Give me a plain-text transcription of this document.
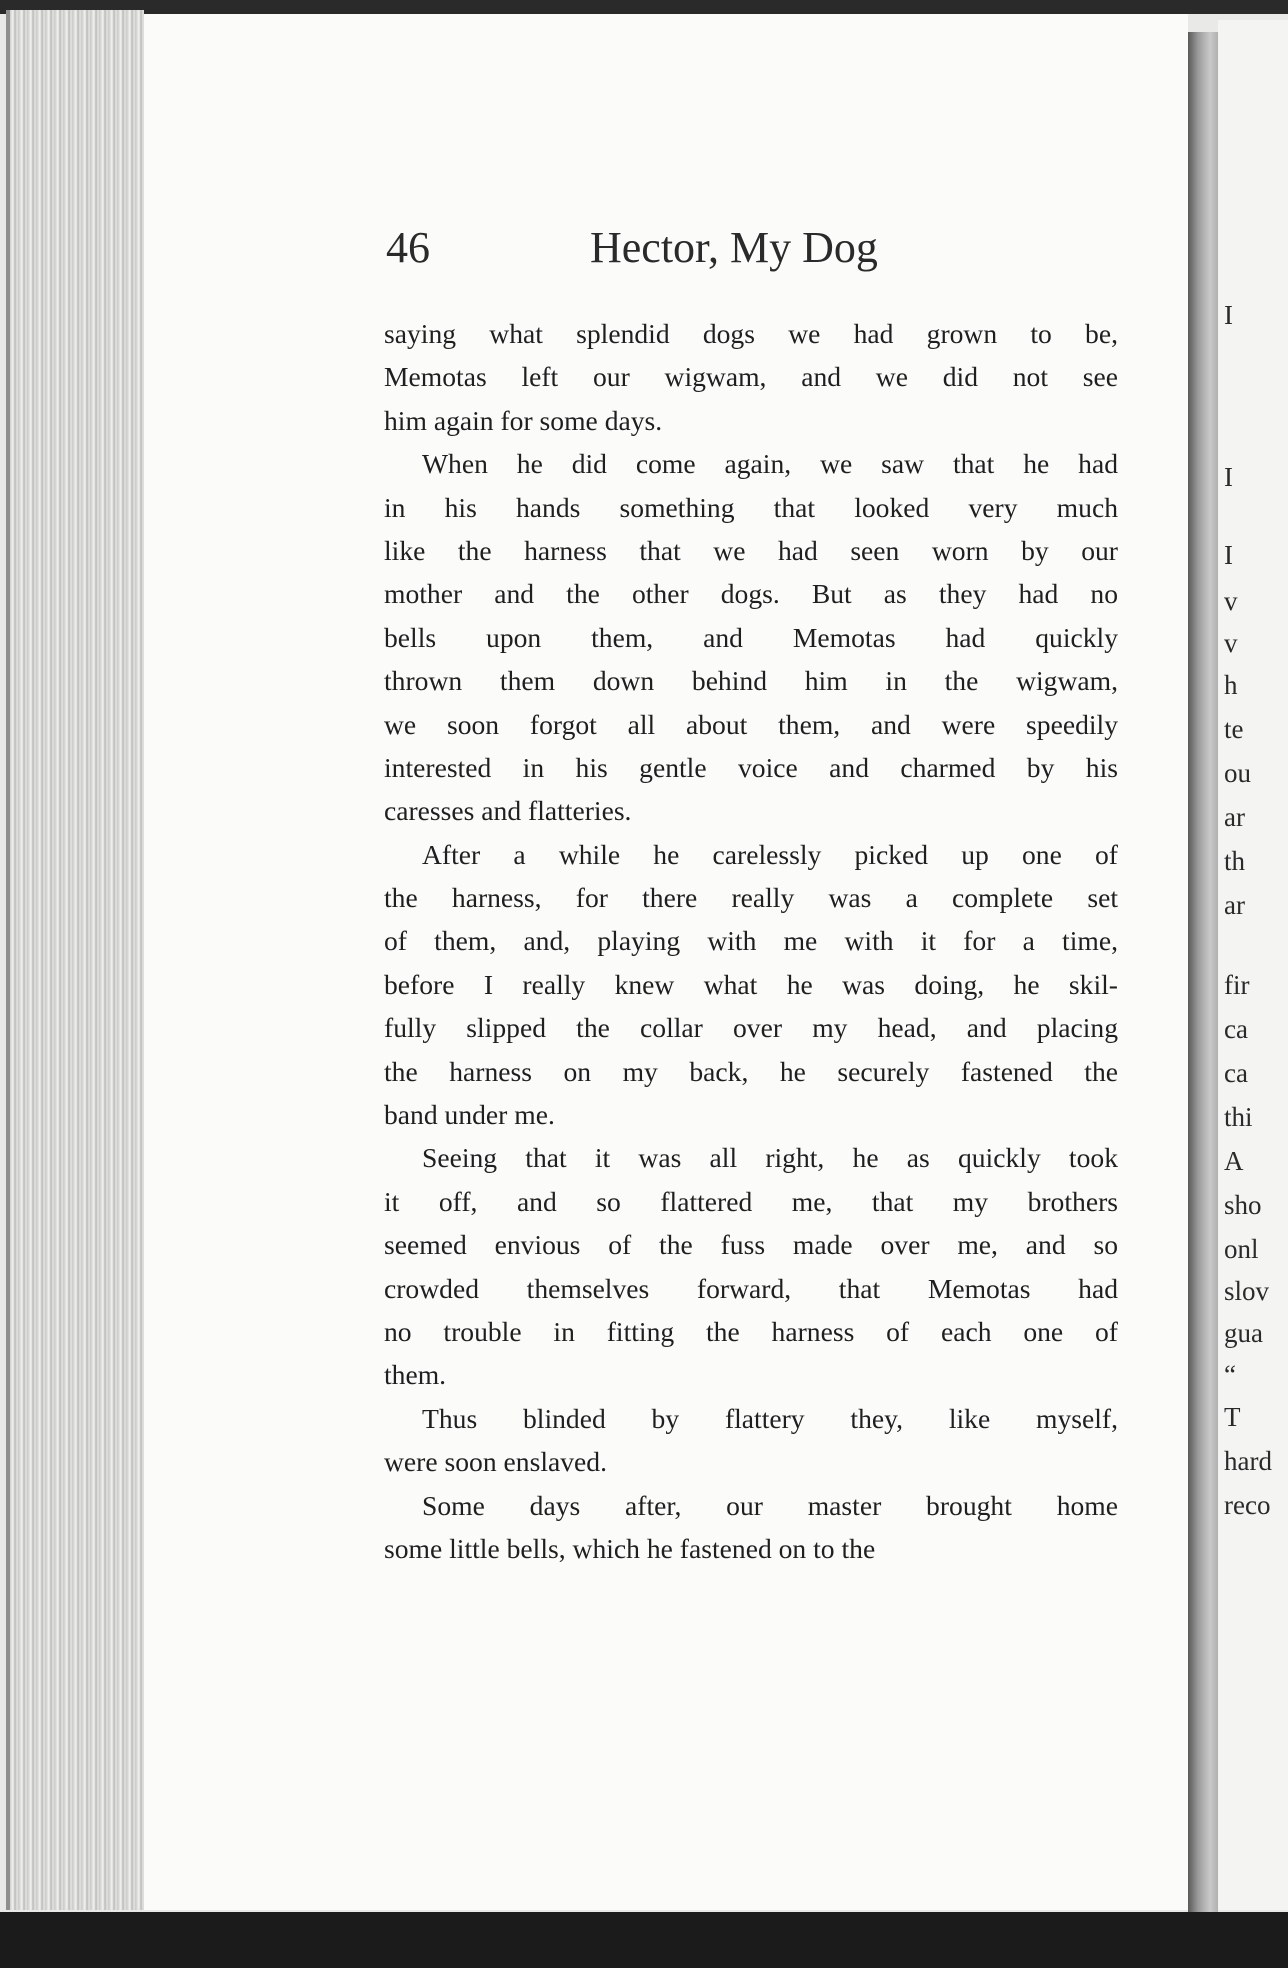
I
I
I
v
v
h
te
ou
ar
th
ar
fir
ca
ca
thi
A
sho
onl
slov
gua
“
T
hard
reco
46	Hector, My Dog
saying what splendid dogs we had grown to be,
Memotas left our wigwam, and we did not see
him again for some days.
When he did come again, we saw that he had
in his hands something that looked very much
like the harness that we had seen worn by our
mother and the other dogs. But as they had no
bells upon them, and Memotas had quickly
thrown them down behind him in the wigwam,
we soon forgot all about them, and were speedily
interested in his gentle voice and charmed by his
caresses and flatteries.
After a while he carelessly picked up one of
the harness, for there really was a complete set
of them, and, playing with me with it for a time,
before I really knew what he was doing, he skil-
fully slipped the collar over my head, and placing
the harness on my back, he securely fastened the
band under me.
Seeing that it was all right, he as quickly took
it off, and so flattered me, that my brothers
seemed envious of the fuss made over me, and so
crowded themselves forward, that Memotas had
no trouble in fitting the harness of each one of
them.
Thus blinded by flattery they, like myself,
were soon enslaved.
Some days after, our master brought home
some little bells, which he fastened on to the
